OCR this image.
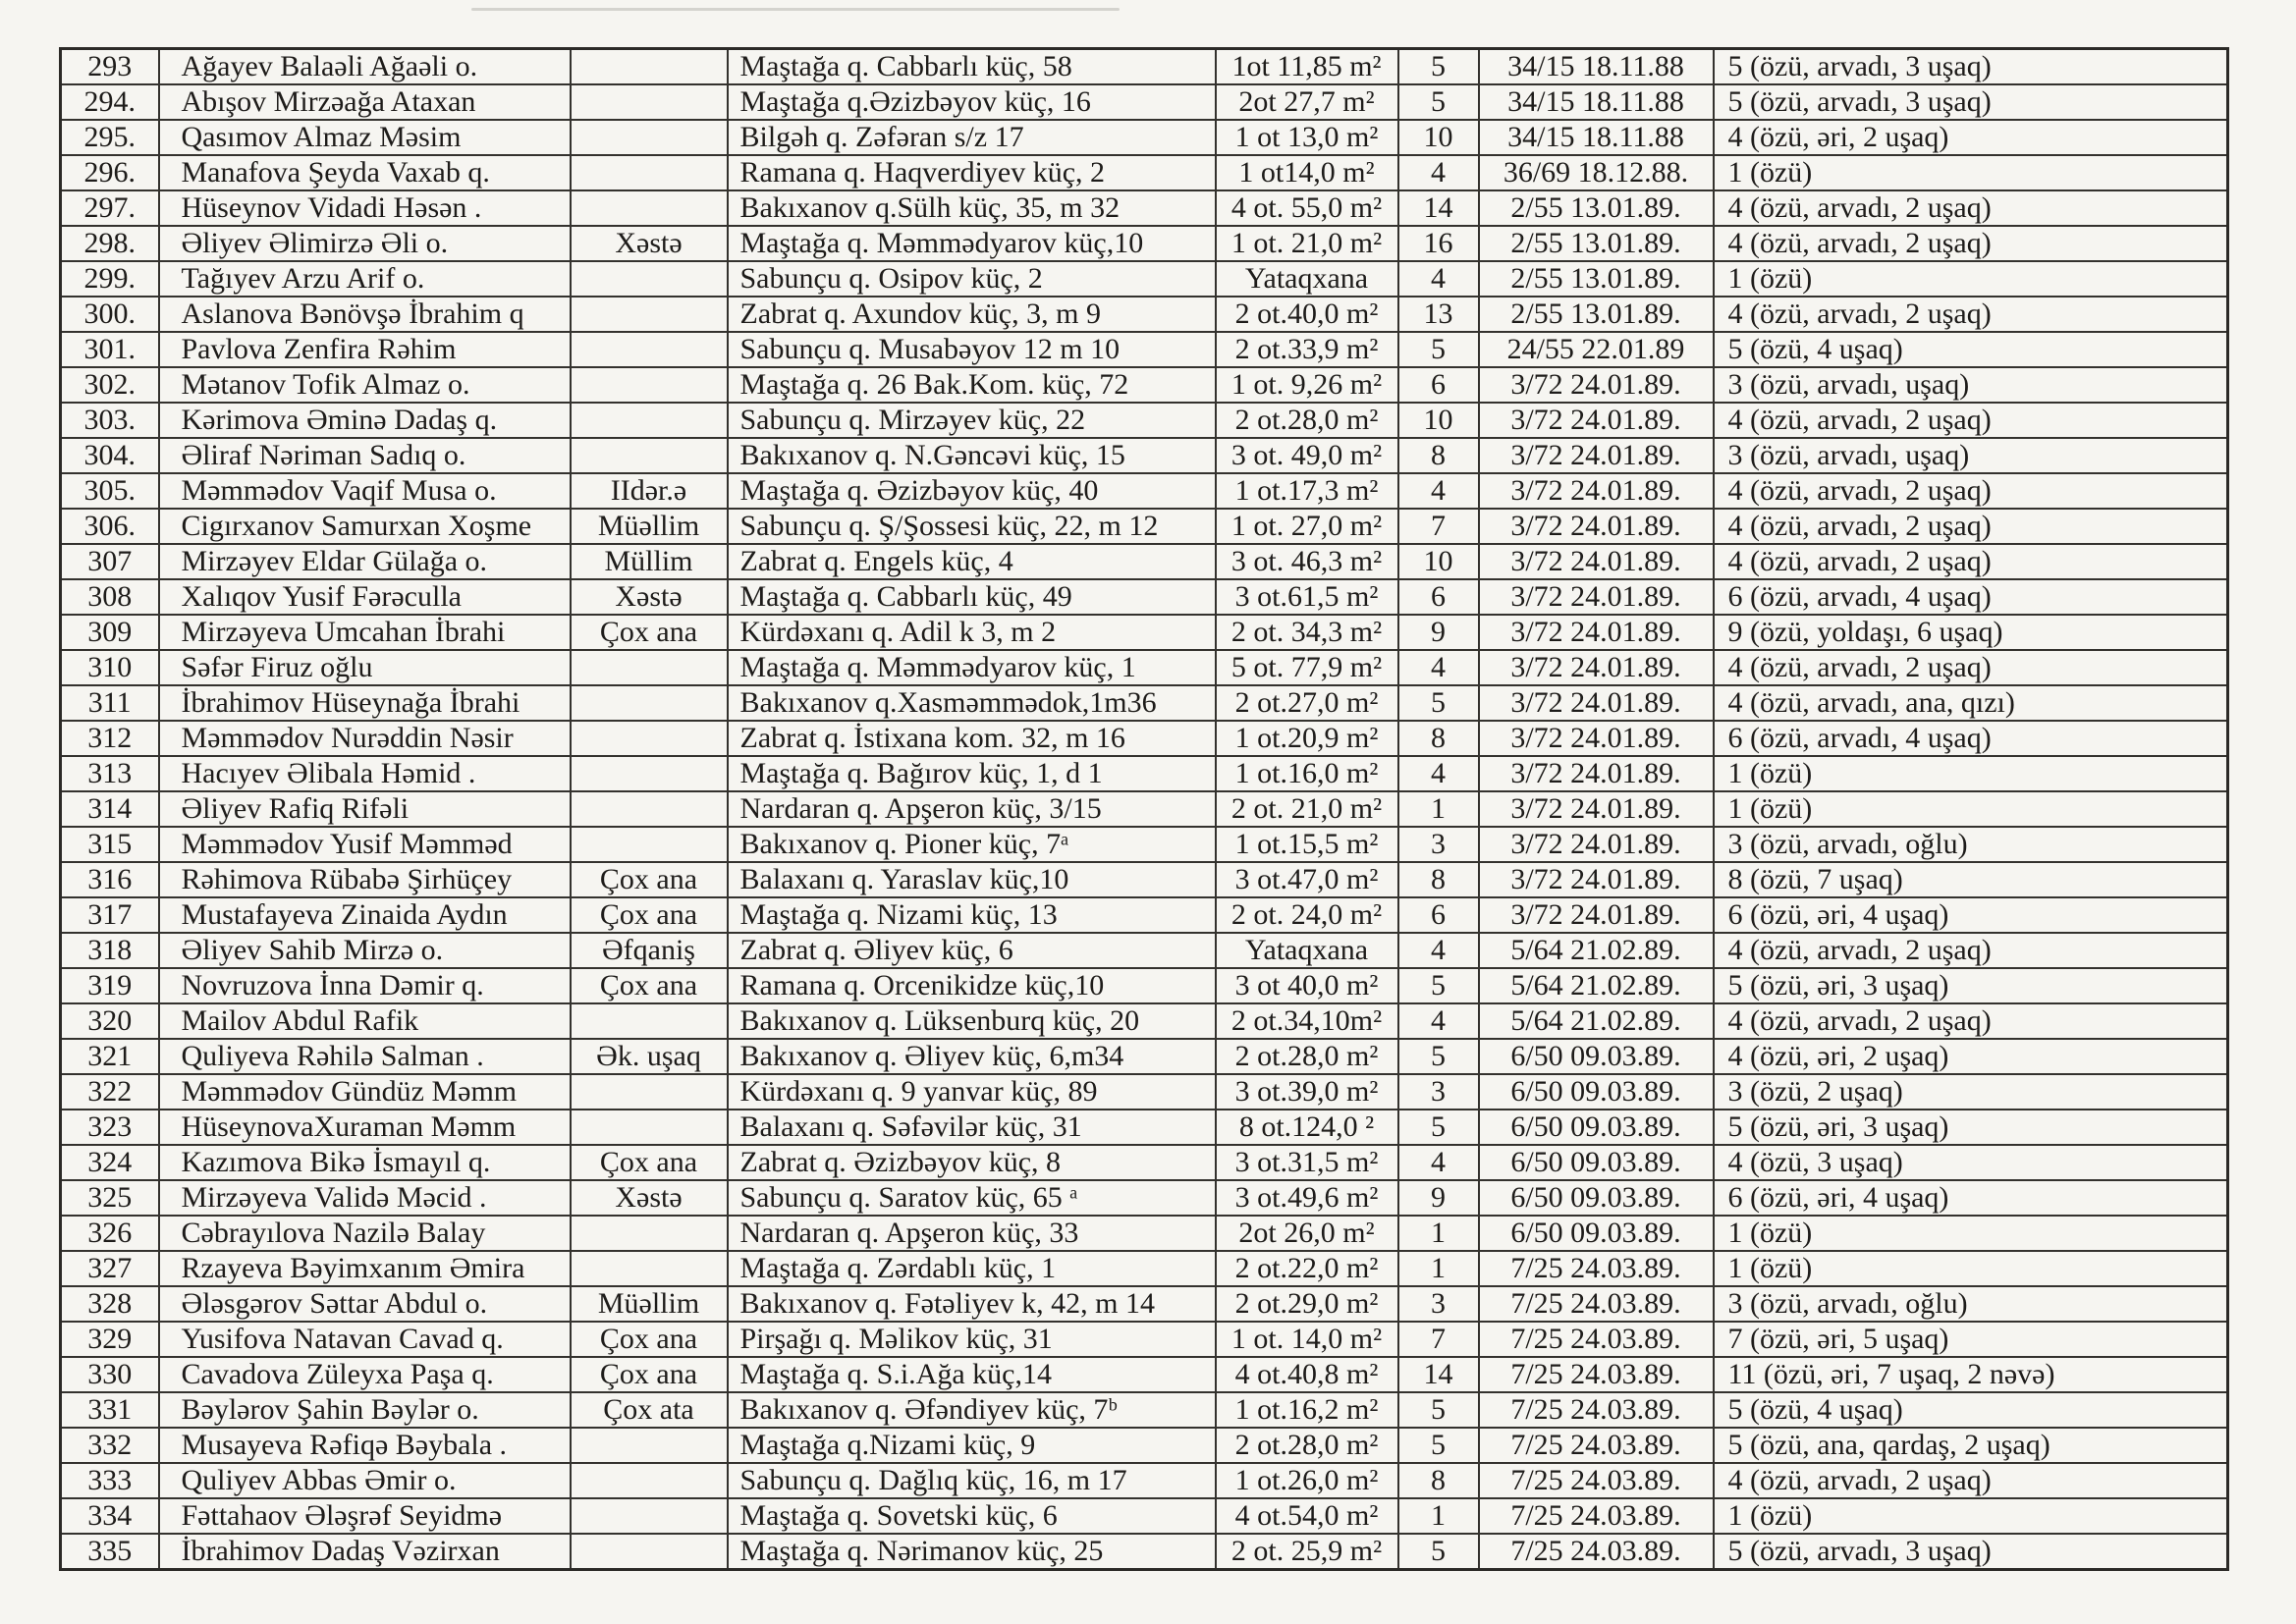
293	Ağayev Balaəli Ağaəli o.		Maştağa q. Cabbarlı küç, 58	1ot 11,85 m²	5	34/15 18.11.88	5 (özü, arvadı, 3 uşaq)
294.	Abışov Mirzəağa Ataxan		Maştağa q.Əzizbəyov küç, 16	2ot 27,7 m²	5	34/15 18.11.88	5 (özü, arvadı, 3 uşaq)
295.	Qasımov Almaz Məsim		Bilgəh q. Zəfəran s/z 17	1 ot 13,0 m²	10	34/15 18.11.88	4 (özü, əri, 2 uşaq)
296.	Manafova Şeyda Vaxab q.		Ramana q. Haqverdiyev küç, 2	1 ot14,0 m²	4	36/69 18.12.88.	1 (özü)
297.	Hüseynov Vidadi Həsən .		Bakıxanov q.Sülh küç, 35, m 32	4 ot. 55,0 m²	14	2/55 13.01.89.	4 (özü, arvadı, 2 uşaq)
298.	Əliyev Əlimirzə Əli o.	Xəstə	Maştağa q. Məmmədyarov küç,10	1 ot. 21,0 m²	16	2/55 13.01.89.	4 (özü, arvadı, 2 uşaq)
299.	Tağıyev Arzu Arif o.		Sabunçu q. Osipov küç, 2	Yataqxana	4	2/55 13.01.89.	1 (özü)
300.	Aslanova Bənövşə İbrahim q		Zabrat q. Axundov küç, 3, m 9	2 ot.40,0 m²	13	2/55 13.01.89.	4 (özü, arvadı, 2 uşaq)
301.	Pavlova Zenfira Rəhim		Sabunçu q. Musabəyov 12 m 10	2 ot.33,9 m²	5	24/55 22.01.89	5 (özü, 4 uşaq)
302.	Mətanov Tofik Almaz o.		Maştağa q. 26 Bak.Kom. küç, 72	1 ot. 9,26 m²	6	3/72 24.01.89.	3 (özü, arvadı, uşaq)
303.	Kərimova Əminə Dadaş q.		Sabunçu q. Mirzəyev küç, 22	2 ot.28,0 m²	10	3/72 24.01.89.	4 (özü, arvadı, 2 uşaq)
304.	Əliraf Nəriman Sadıq o.		Bakıxanov q. N.Gəncəvi küç, 15	3 ot. 49,0 m²	8	3/72 24.01.89.	3 (özü, arvadı, uşaq)
305.	Məmmədov Vaqif Musa o.	IIdər.ə	Maştağa q. Əzizbəyov küç, 40	1 ot.17,3 m²	4	3/72 24.01.89.	4 (özü, arvadı, 2 uşaq)
306.	Cigırxanov Samurxan Xoşme	Müəllim	Sabunçu q. Ş/Şossesi küç, 22, m 12	1 ot. 27,0 m²	7	3/72 24.01.89.	4 (özü, arvadı, 2 uşaq)
307	Mirzəyev Eldar Gülağa o.	Müllim	Zabrat q. Engels küç, 4	3 ot. 46,3 m²	10	3/72 24.01.89.	4 (özü, arvadı, 2 uşaq)
308	Xalıqov Yusif Fərəculla	Xəstə	Maştağa q. Cabbarlı küç, 49	3 ot.61,5 m²	6	3/72 24.01.89.	6 (özü, arvadı, 4 uşaq)
309	Mirzəyeva Umcahan İbrahi	Çox ana	Kürdəxanı q. Adil k 3, m 2	2 ot. 34,3 m²	9	3/72 24.01.89.	9 (özü, yoldaşı, 6 uşaq)
310	Səfər Firuz oğlu		Maştağa q. Məmmədyarov küç, 1	5 ot. 77,9 m²	4	3/72 24.01.89.	4 (özü, arvadı, 2 uşaq)
311	İbrahimov Hüseynağa İbrahi		Bakıxanov q.Xasməmmədok,1m36	2 ot.27,0 m²	5	3/72 24.01.89.	4 (özü, arvadı, ana, qızı)
312	Məmmədov Nurəddin Nəsir		Zabrat q. İstixana kom. 32, m 16	1 ot.20,9 m²	8	3/72 24.01.89.	6 (özü, arvadı, 4 uşaq)
313	Hacıyev Əlibala Həmid .		Maştağa q. Bağırov küç, 1, d 1	1 ot.16,0 m²	4	3/72 24.01.89.	1 (özü)
314	Əliyev Rafiq Rifəli		Nardaran q. Apşeron küç, 3/15	2 ot. 21,0 m²	1	3/72 24.01.89.	1 (özü)
315	Məmmədov Yusif Məmməd		Bakıxanov q. Pioner küç, 7ᵃ	1 ot.15,5 m²	3	3/72 24.01.89.	3 (özü, arvadı, oğlu)
316	Rəhimova Rübabə Şirhüçey	Çox ana	Balaxanı q. Yaraslav küç,10	3 ot.47,0 m²	8	3/72 24.01.89.	8 (özü, 7 uşaq)
317	Mustafayeva Zinaida Aydın	Çox ana	Maştağa q. Nizami küç, 13	2 ot. 24,0 m²	6	3/72 24.01.89.	6 (özü, əri, 4 uşaq)
318	Əliyev Sahib Mirzə o.	Əfqaniş	Zabrat q. Əliyev küç, 6	Yataqxana	4	5/64 21.02.89.	4 (özü, arvadı, 2 uşaq)
319	Novruzova İnna Dəmir q.	Çox ana	Ramana q. Orcenikidze küç,10	3 ot 40,0 m²	5	5/64 21.02.89.	5 (özü, əri, 3 uşaq)
320	Mailov Abdul Rafik		Bakıxanov q. Lüksenburq küç, 20	2 ot.34,10m²	4	5/64 21.02.89.	4 (özü, arvadı, 2 uşaq)
321	Quliyeva Rəhilə Salman .	Ək. uşaq	Bakıxanov q. Əliyev küç, 6,m34	2 ot.28,0 m²	5	6/50 09.03.89.	4 (özü, əri, 2 uşaq)
322	Məmmədov Gündüz Məmm		Kürdəxanı q. 9 yanvar küç, 89	3 ot.39,0 m²	3	6/50 09.03.89.	3 (özü, 2 uşaq)
323	HüseynovaXuraman Məmm		Balaxanı q. Səfəvilər küç, 31	8 ot.124,0 ²	5	6/50 09.03.89.	5 (özü, əri, 3 uşaq)
324	Kazımova Bikə İsmayıl q.	Çox ana	Zabrat q. Əzizbəyov küç, 8	3 ot.31,5 m²	4	6/50 09.03.89.	4 (özü, 3 uşaq)
325	Mirzəyeva Validə Məcid .	Xəstə	Sabunçu q. Saratov küç, 65 ᵃ	3 ot.49,6 m²	9	6/50 09.03.89.	6 (özü, əri, 4 uşaq)
326	Cəbrayılova Nazilə Balay		Nardaran q. Apşeron küç, 33	2ot 26,0 m²	1	6/50 09.03.89.	1 (özü)
327	Rzayeva Bəyimxanım Əmira		Maştağa q. Zərdablı küç, 1	2 ot.22,0 m²	1	7/25 24.03.89.	1 (özü)
328	Ələsgərov Səttar Abdul o.	Müəllim	Bakıxanov q. Fətəliyev k, 42, m 14	2 ot.29,0 m²	3	7/25 24.03.89.	3 (özü, arvadı, oğlu)
329	Yusifova Natavan Cavad q.	Çox ana	Pirşağı q. Məlikov küç, 31	1 ot. 14,0 m²	7	7/25 24.03.89.	7 (özü, əri, 5 uşaq)
330	Cavadova Züleyxa Paşa q.	Çox ana	Maştağa q. S.i.Ağa küç,14	4 ot.40,8 m²	14	7/25 24.03.89.	11 (özü, əri, 7 uşaq, 2 nəvə)
331	Bəylərov Şahin Bəylər o.	Çox ata	Bakıxanov q. Əfəndiyev küç, 7ᵇ	1 ot.16,2 m²	5	7/25 24.03.89.	5 (özü, 4 uşaq)
332	Musayeva Rəfiqə Bəybala .		Maştağa q.Nizami küç, 9	2 ot.28,0 m²	5	7/25 24.03.89.	5 (özü, ana, qardaş, 2 uşaq)
333	Quliyev Abbas Əmir o.		Sabunçu q. Dağlıq küç, 16, m 17	1 ot.26,0 m²	8	7/25 24.03.89.	4 (özü, arvadı, 2 uşaq)
334	Fəttahaov Ələşrəf Seyidmə		Maştağa q. Sovetski küç, 6	4 ot.54,0 m²	1	7/25 24.03.89.	1 (özü)
335	İbrahimov Dadaş Vəzirxan		Maştağa q. Nərimanov küç, 25	2 ot. 25,9 m²	5	7/25 24.03.89.	5 (özü, arvadı, 3 uşaq)
